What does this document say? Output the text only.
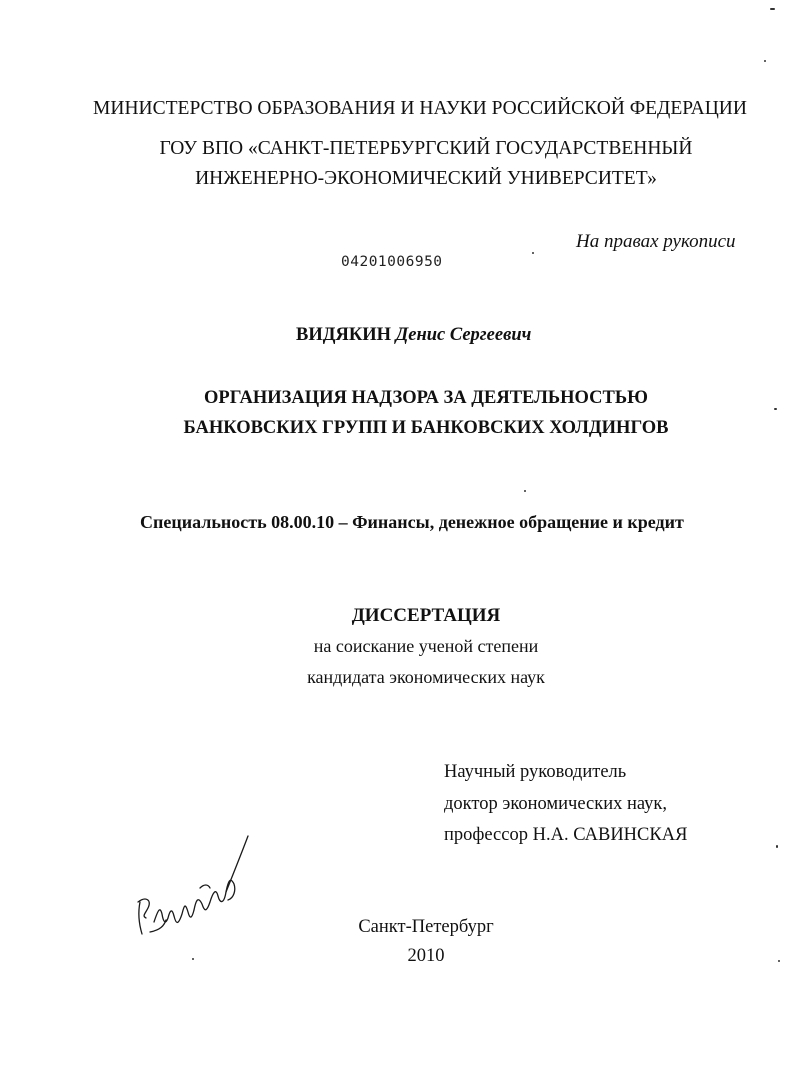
МИНИСТЕРСТВО ОБРАЗОВАНИЯ И НАУКИ РОССИЙСКОЙ ФЕДЕРАЦИИ
ГОУ ВПО «САНКТ-ПЕТЕРБУРГСКИЙ ГОСУДАРСТВЕННЫЙ
ИНЖЕНЕРНО-ЭКОНОМИЧЕСКИЙ УНИВЕРСИТЕТ»
На правах рукописи
04201006950
ВИДЯКИН Денис Сергеевич
ОРГАНИЗАЦИЯ НАДЗОРА ЗА ДЕЯТЕЛЬНОСТЬЮ
БАНКОВСКИХ ГРУПП И БАНКОВСКИХ ХОЛДИНГОВ
Специальность 08.00.10 – Финансы, денежное обращение и кредит
ДИССЕРТАЦИЯ
на соискание ученой степени
кандидата экономических наук
Научный руководитель
доктор экономических наук,
профессор Н.А. САВИНСКАЯ
Санкт-Петербург
2010
